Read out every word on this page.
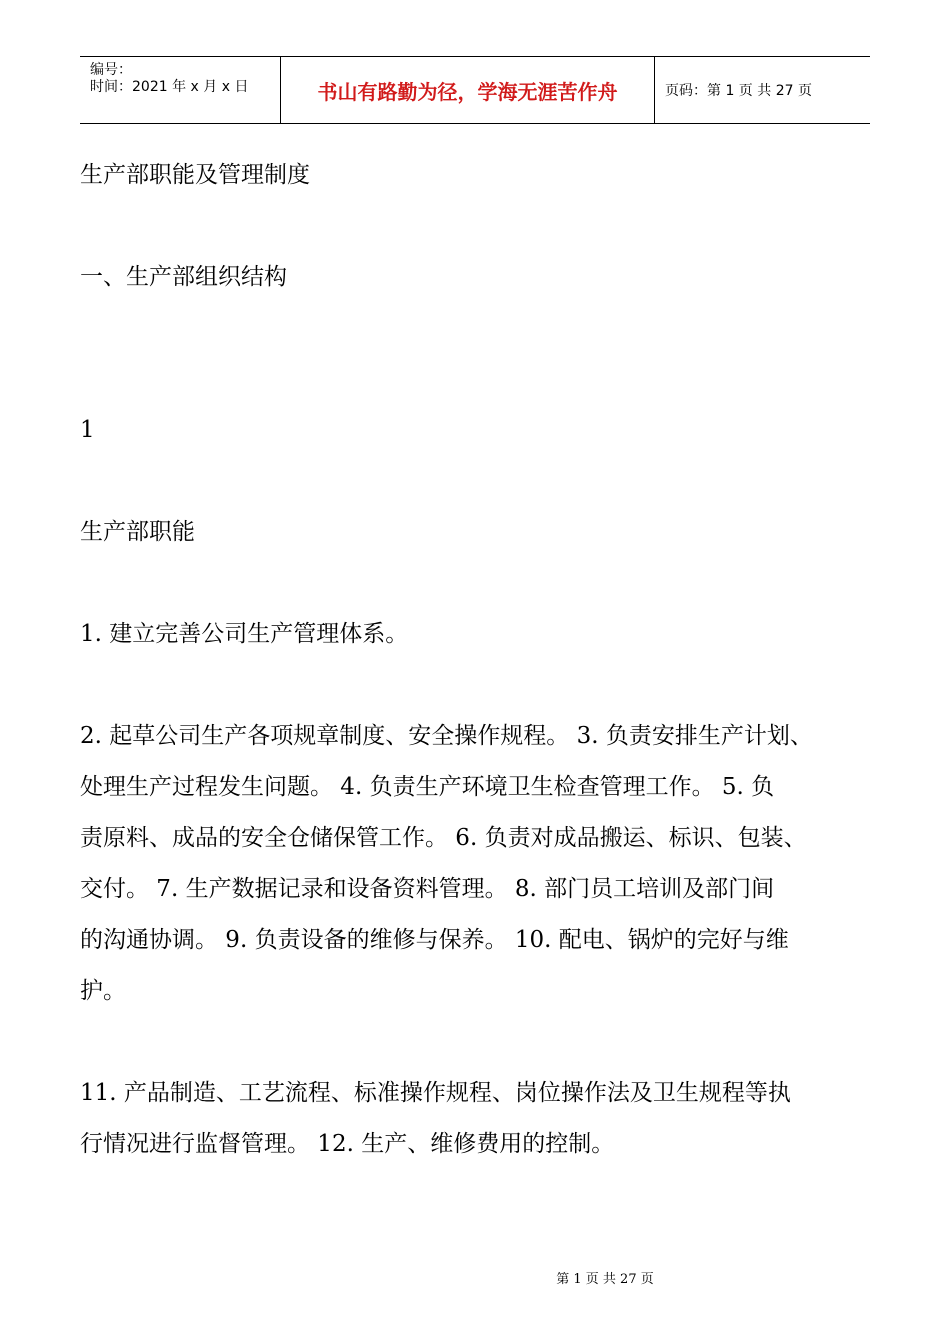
编号：
时间：2021 年 x 月 x 日	书山有路勤为径，学海无涯苦作舟	页码：第 1 页 共 27 页

生产部职能及管理制度

一、生产部组织结构

1

生产部职能

1. 建立完善公司生产管理体系。

2. 起草公司生产各项规章制度、安全操作规程。 3. 负责安排生产计划、

处理生产过程发生问题。 4. 负责生产环境卫生检查管理工作。 5. 负

责原料、成品的安全仓储保管工作。 6. 负责对成品搬运、标识、包装、

交付。 7. 生产数据记录和设备资料管理。 8. 部门员工培训及部门间

的沟通协调。 9. 负责设备的维修与保养。 10. 配电、锅炉的完好与维

护。

11. 产品制造、工艺流程、标准操作规程、岗位操作法及卫生规程等执

行情况进行监督管理。 12. 生产、维修费用的控制。

第 1 页 共 27 页
